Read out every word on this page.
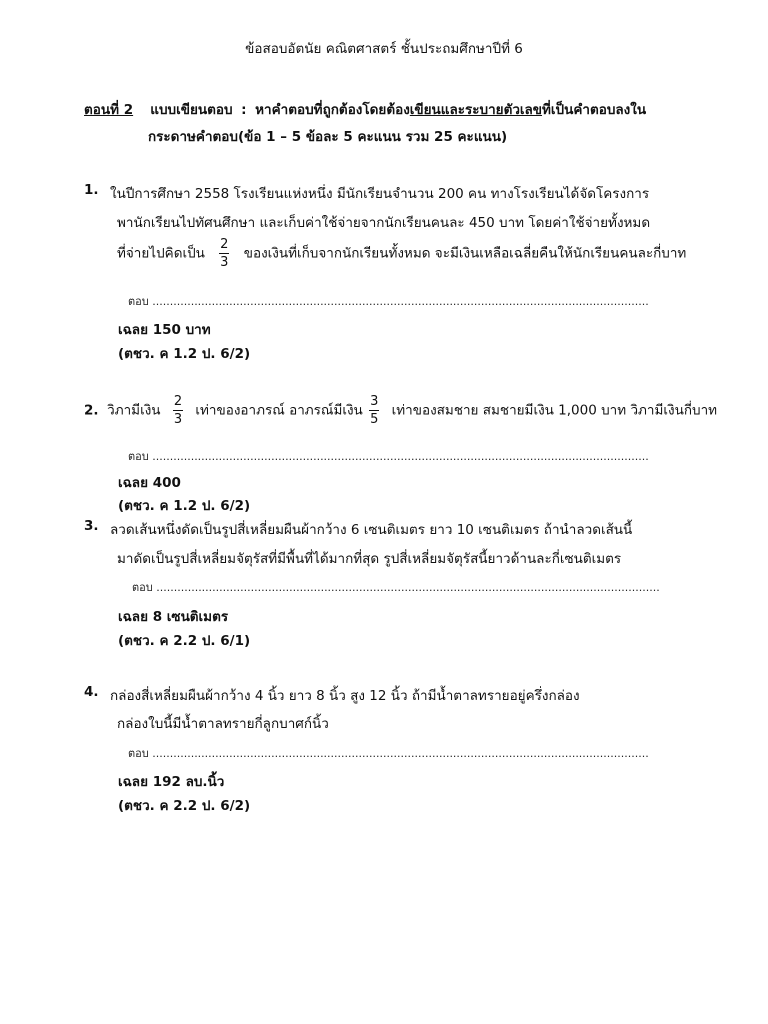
ข้อสอบอัตนัย คณิตศาสตร์ ชั้นประถมศึกษาปีที่ 6
ตอนที่ 2 แบบเขียนตอบ : หาคำตอบที่ถูกต้องโดยต้องเขียนและระบายตัวเลขที่เป็นคำตอบลงใน
กระดาษคำตอบ(ข้อ 1 – 5 ข้อละ 5 คะแนน รวม 25 คะแนน)
1. ในปีการศึกษา 2558 โรงเรียนแห่งหนึ่ง มีนักเรียนจำนวน 200 คน ทางโรงเรียนได้จัดโครงการ
พานักเรียนไปทัศนศึกษา และเก็บค่าใช้จ่ายจากนักเรียนคนละ 450 บาท โดยค่าใช้จ่ายทั้งหมด
ที่จ่ายไปคิดเป็น $\frac{2}{3}$ ของเงินที่เก็บจากนักเรียนทั้งหมด จะมีเงินเหลือเฉลี่ยคืนให้นักเรียนคนละกี่บาท
ตอบ ..............................................................................................................................................
เฉลย 150 บาท
(ตชว. ค 1.2 ป. 6/2)
2. วิภามีเงิน $\frac{2}{3}$ เท่าของอาภรณ์ อาภรณ์มีเงิน $\frac{3}{5}$ เท่าของสมชาย สมชายมีเงิน 1,000 บาท วิภามีเงินกี่บาท
ตอบ ..............................................................................................................................................
เฉลย 400
(ตชว. ค 1.2 ป. 6/2)
3. ลวดเส้นหนึ่งดัดเป็นรูปสี่เหลี่ยมผืนผ้ากว้าง 6 เซนติเมตร ยาว 10 เซนติเมตร ถ้านำลวดเส้นนี้
มาดัดเป็นรูปสี่เหลี่ยมจัตุรัสที่มีพื้นที่ได้มากที่สุด รูปสี่เหลี่ยมจัตุรัสนี้ยาวด้านละกี่เซนติเมตร
ตอบ ................................................................................................................................................
เฉลย 8 เซนติเมตร
(ตชว. ค 2.2 ป. 6/1)
4. กล่องสี่เหลี่ยมผืนผ้ากว้าง 4 นิ้ว ยาว 8 นิ้ว สูง 12 นิ้ว ถ้ามีน้ำตาลทรายอยู่ครึ่งกล่อง
กล่องใบนี้มีน้ำตาลทรายกี่ลูกบาศก์นิ้ว
ตอบ ..............................................................................................................................................
เฉลย 192 ลบ.นิ้ว
(ตชว. ค 2.2 ป. 6/2)
